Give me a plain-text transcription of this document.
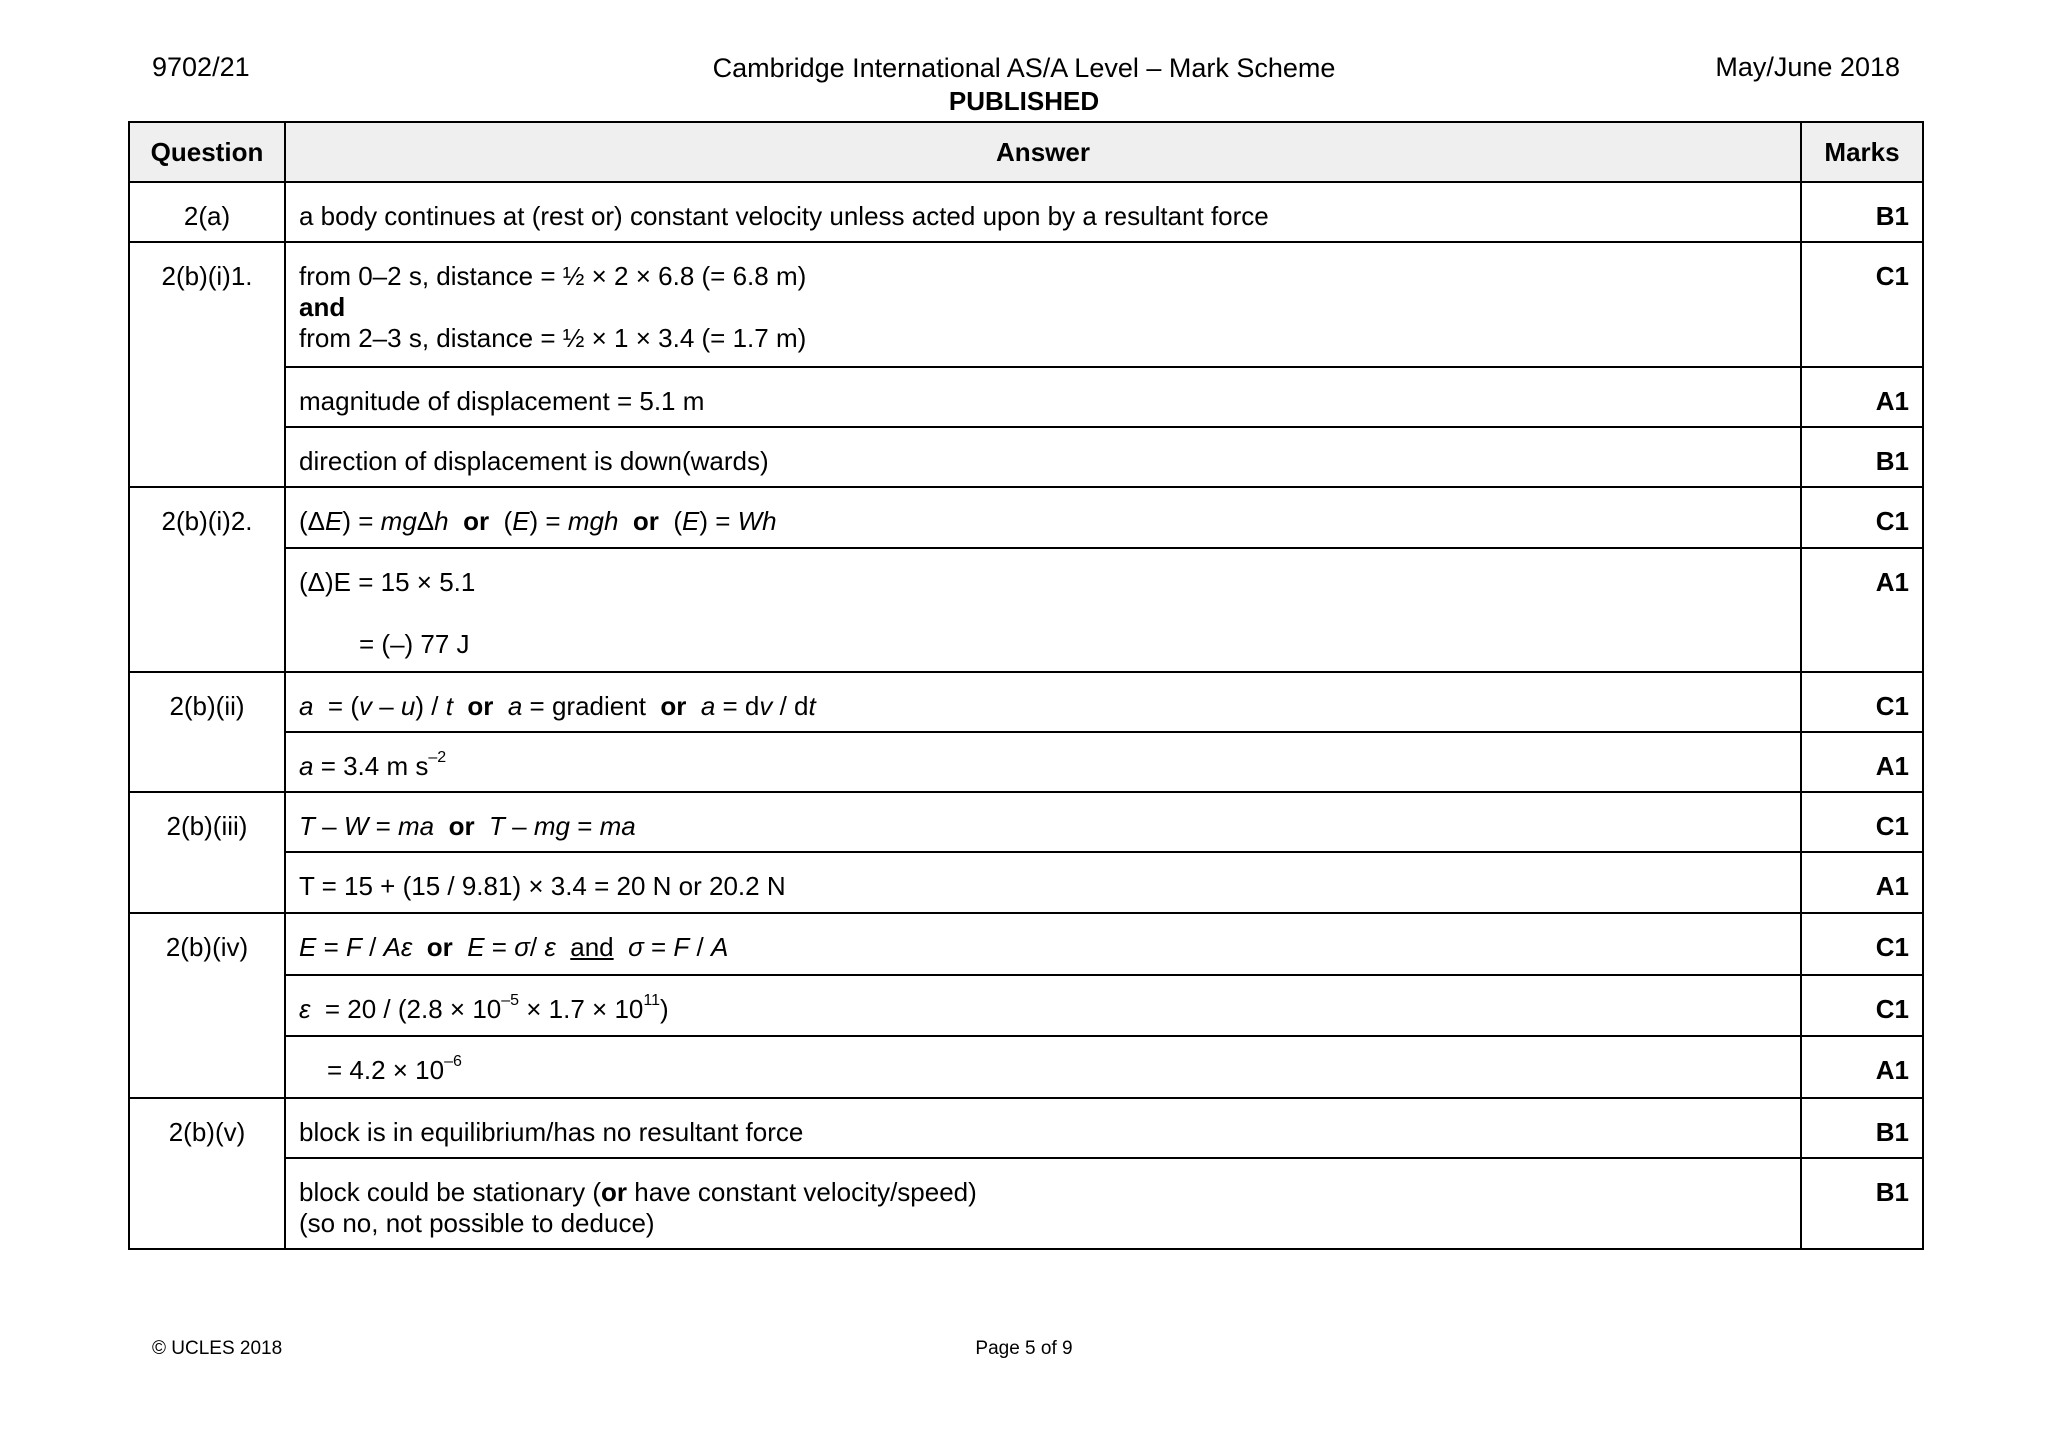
9702/21	Cambridge International AS/A Level – Mark Scheme
PUBLISHED
May/June 2018
Question	Answer	Marks
2(a)	a body continues at (rest or) constant velocity unless acted upon by a resultant force	B1
2(b)(i)1.	from 0–2 s, distance = ½ × 2 × 6.8 (= 6.8 m)
and
from 2–3 s, distance = ½ × 1 × 3.4 (= 1.7 m)	C1
	magnitude of displacement = 5.1 m	A1
	direction of displacement is down(wards)	B1
2(b)(i)2.	(ΔE) = mgΔh or  (E) = mgh or  (E) = Wh	C1

	(Δ)E = 15 × 5.1
= (–) 77 J	A1
2(b)(ii)	a  = (v – u) / t or a = gradient  or a = dv / dt	C1
	a = 3.4 m $s^{-2}$	A1
2(b)(iii)	T – W = ma or T – mg = ma	C1
	T = 15 + (15 / 9.81) × 3.4 = 20 N or 20.2 N	A1
2(b)(iv)	E = F / Aε or E = σ/ ε and σ = F / A	C1
	$\varepsilon = 20 / (2.8 \times 10^{-5} \times 1.7 \times 10^{11})$	C1
	= $4.2 \times 10^{-6}$	A1
2(b)(v)	block is in equilibrium/has no resultant force	B1

	block could be stationary (or have constant velocity/speed)
(so no, not possible to deduce)	B1
© UCLES 2018	Page 5 of 9
